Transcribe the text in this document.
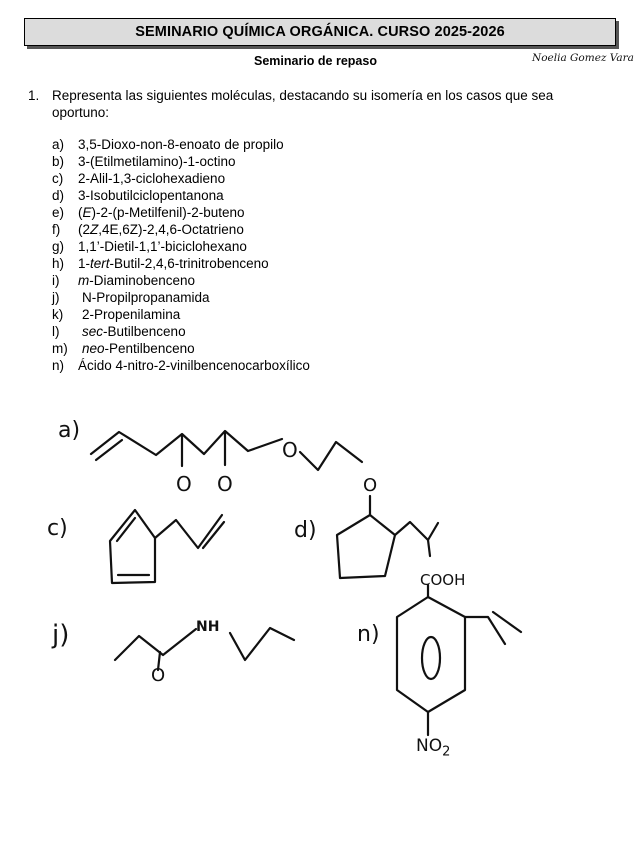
SEMINARIO QUÍMICA ORGÁNICA. CURSO 2025-2026
Seminario de repaso	Noelia Gomez Vara
1. Representa las siguientes moléculas, destacando su isomería en los casos que sea oportuno:
a) 3,5-Dioxo-non-8-enoato de propilo
b) 3-(Etilmetilamino)-1-octino
c) 2-Alil-1,3-ciclohexadieno
d) 3-Isobutilciclopentanona
e) (E)-2-(p-Metilfenil)-2-buteno
f) (2Z,4E,6Z)-2,4,6-Octatrieno
g) 1,1’-Dietil-1,1’-biciclohexano
h) 1-tert-Butil-2,4,6-trinitrobenceno
i) m-Diaminobenceno
j) N-Propilpropanamida
k) 2-Propenilamina
l) sec-Butilbenceno
m) neo-Pentilbenceno
n) Ácido 4-nitro-2-vinilbencenocarboxílico
a)
O O
O
c)	d)
O
j)	NH
O
n)
COOH
$NO_2$
